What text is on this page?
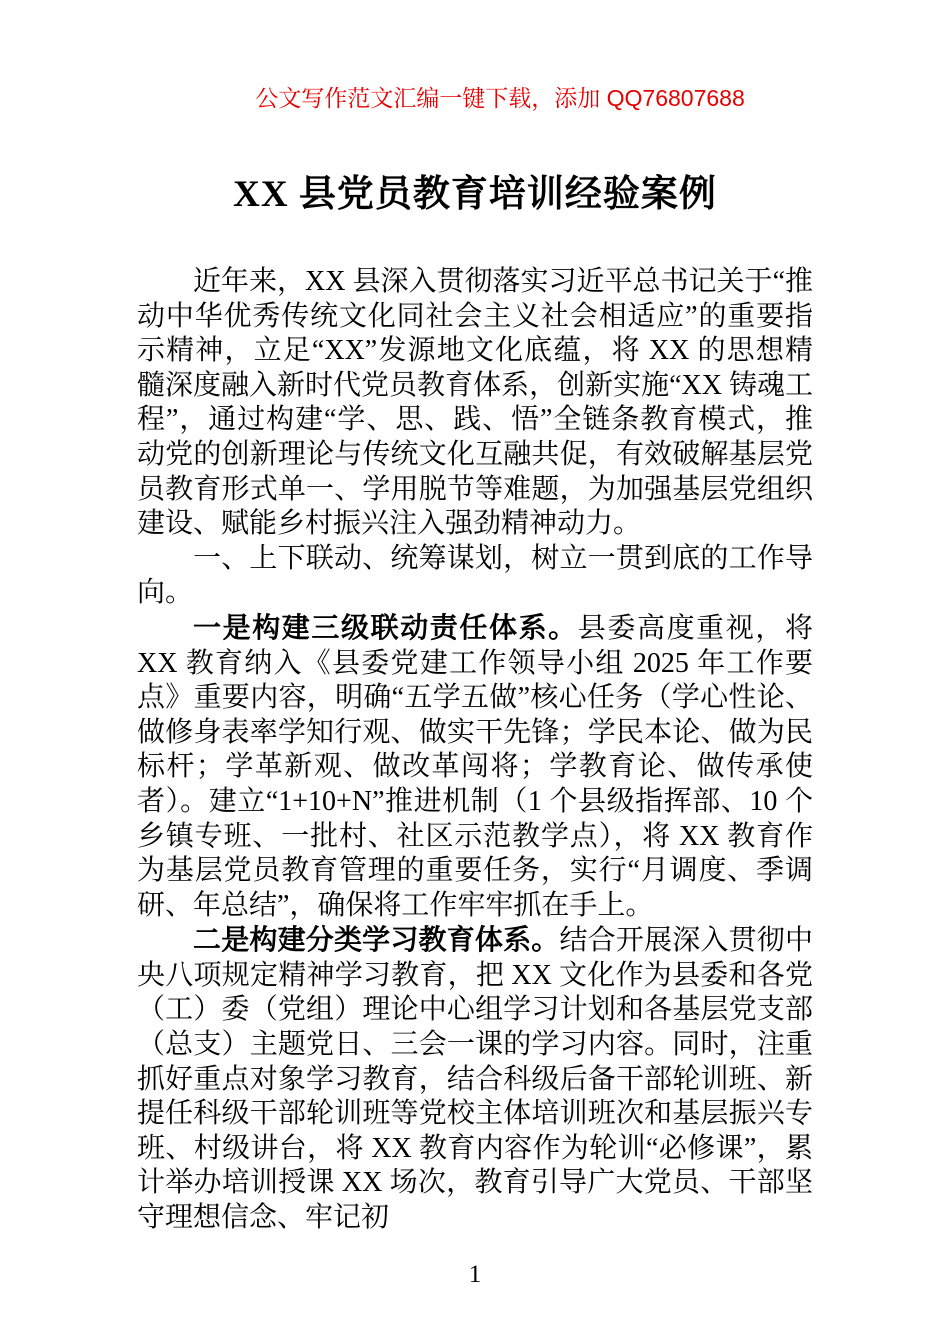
公文写作范文汇编一键下载，添加 QQ76807688
XX 县党员教育培训经验案例

近年来，XX 县深入贯彻落实习近平总书记关于“推动中华优秀传统文化同社会主义社会相适应”的重要指示精神，立足“XX”发源地文化底蕴，将 XX 的思想精髓深度融入新时代党员教育体系，创新实施“XX 铸魂工程”，通过构建“学、思、践、悟”全链条教育模式，推动党的创新理论与传统文化互融共促，有效破解基层党员教育形式单一、学用脱节等难题，为加强基层党组织建设、赋能乡村振兴注入强劲精神动力。

一、上下联动、统筹谋划，树立一贯到底的工作导向。

一是构建三级联动责任体系。县委高度重视，将 XX 教育纳入《县委党建工作领导小组 2025 年工作要点》重要内容，明确“五学五做”核心任务（学心性论、做修身表率学知行观、做实干先锋；学民本论、做为民标杆；学革新观、做改革闯将；学教育论、做传承使者）。建立“1+10+N”推进机制（1 个县级指挥部、10 个乡镇专班、一批村、社区示范教学点），将 XX 教育作为基层党员教育管理的重要任务，实行“月调度、季调研、年总结”，确保将工作牢牢抓在手上。

二是构建分类学习教育体系。结合开展深入贯彻中央八项规定精神学习教育，把 XX 文化作为县委和各党（工）委（党组）理论中心组学习计划和各基层党支部（总支）主题党日、三会一课的学习内容。同时，注重抓好重点对象学习教育，结合科级后备干部轮训班、新提任科级干部轮训班等党校主体培训班次和基层振兴专班、村级讲台，将 XX 教育内容作为轮训“必修课”，累计举办培训授课 XX 场次，教育引导广大党员、干部坚守理想信念、牢记初

1
